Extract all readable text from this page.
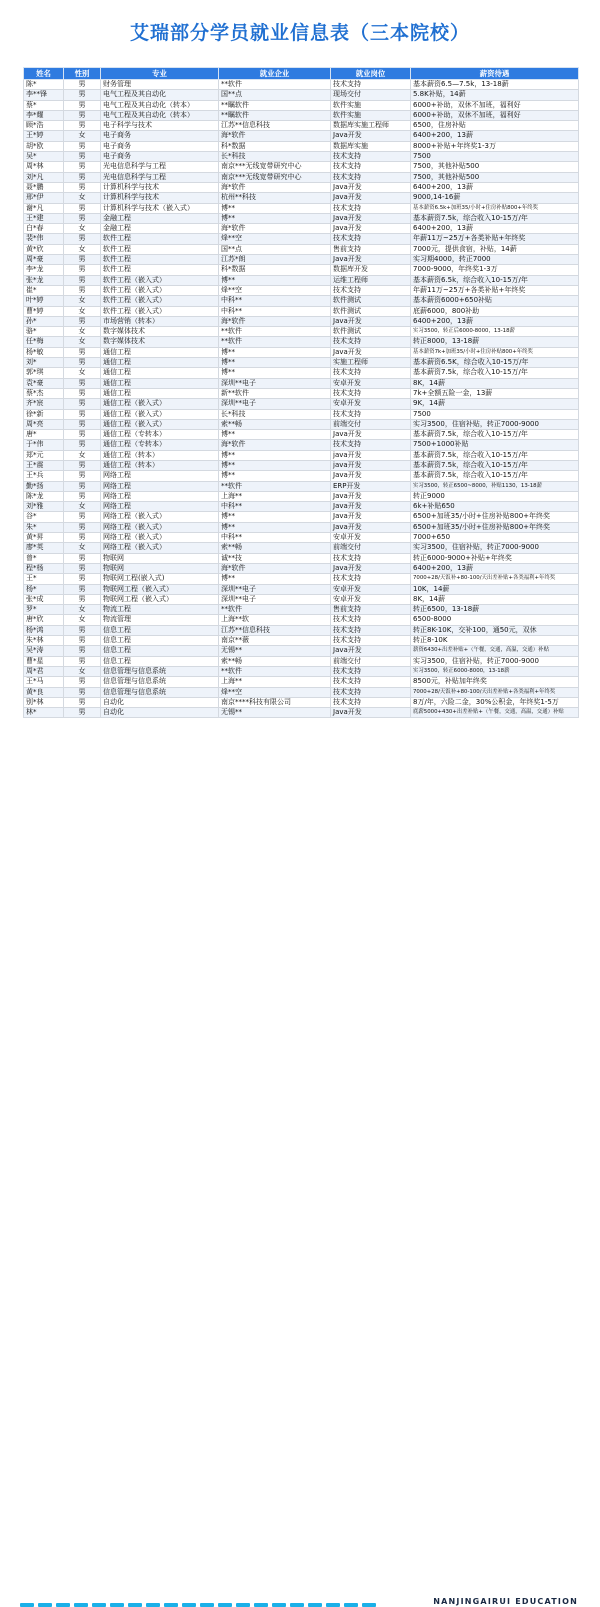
艾瑞部分学员就业信息表（三本院校）
姓名	性别	专业	就业企业	就业岗位	薪资待遇
陈*	男	财务管理	**软件	技术支持	基本薪资6.5—7.5k，13-18薪
李**锋	男	电气工程及其自动化	国**点	现场交付	5.8K补贴，14薪
蔡*	男	电气工程及其自动化（转本）	**瞩软件	软件实施	6000+补助，双休不加班，福利好
李*耀	男	电气工程及其自动化（转本）	**瞩软件	软件实施	6000+补助，双休不加班，福利好
顾*浩	男	电子科学与技术	江苏**信息科技	数据库实施工程师	6500，住房补贴
王*婷	女	电子商务	海*软件	Java开发	6400+200，13薪
胡*欧	男	电子商务	科*数据	数据库实施	8000+补贴+年终奖1-3万
吴*	男	电子商务	长*科技	技术支持	7500
周*林	男	光电信息科学与工程	南京***无线宽带研究中心	技术支持	7500，其他补贴500
刘*凡	男	光电信息科学与工程	南京***无线宽带研究中心	技术支持	7500，其他补贴500
聂*鹏	男	计算机科学与技术	海*软件	Java开发	6400+200，13薪
邢*伊	女	计算机科学与技术	杭州**科技	Java开发	9000,14-16薪
谢*凡	男	计算机科学与技术（嵌入式）	博**	技术支持	基本薪资6.5k+加班35/小时+住房补贴800+年终奖
王*建	男	金融工程	博**	Java开发	基本薪资7.5k，综合收入10-15万/年
白*春	女	金融工程	海*软件	Java开发	6400+200，13薪
裴*伟	男	软件工程	烽**空	技术支持	年薪11万~25万+各类补贴+年终奖
黄*欣	女	软件工程	国**点	售前支持	7000元，提供食宿，补贴，14薪
周*豪	男	软件工程	江苏*朗	Java开发	实习期4000，转正7000
李*龙	男	软件工程	科*数据	数据库开发	7000-9000，年终奖1-3万
张*龙	男	软件工程（嵌入式）	博**	运维工程师	基本薪资6.5k，综合收入10-15万/年
崔*	男	软件工程（嵌入式）	烽**空	技术支持	年薪11万~25万+各类补贴+年终奖
叶*婷	女	软件工程（嵌入式）	中科**	软件测试	基本薪资6000+650补贴
曹*婷	女	软件工程（嵌入式）	中科**	软件测试	底薪6000，800补助
孙*	男	市场营销（转本）	海*软件	Java开发	6400+200，13薪
骆*	女	数字媒体技术	**软件	软件测试	实习3500，转正后6000-8000，13-18薪
任*梅	女	数字媒体技术	**软件	技术支持	转正8000，13-18薪
杨*敏	男	通信工程	博**	Java开发	基本薪资7k+加班35/小时+住房补贴800+年终奖
刘*	男	通信工程	博**	实施工程师	基本薪资6.5K，综合收入10-15万/年
郭*琪	女	通信工程	博**	技术支持	基本薪资7.5k，综合收入10-15万/年
袁*豪	男	通信工程	深圳**电子	安卓开发	8K，14薪
蔡*杰	男	通信工程	新**软件	技术支持	7k+全额五险一金，13薪
齐*宸	男	通信工程（嵌入式）	深圳**电子	安卓开发	9K，14薪
徐*新	男	通信工程（嵌入式）	长*科技	技术支持	7500
周*亮	男	通信工程（嵌入式）	索**畅	前端交付	实习3500，住宿补贴，转正7000-9000
唐*	男	通信工程（专转本）	博**	Java开发	基本薪资7.5k，综合收入10-15万/年
于*伟	男	通信工程（专转本）	海*软件	技术支持	7500+1000补贴
郑*元	女	通信工程（转本）	博**	java开发	基本薪资7.5k，综合收入10-15万/年
王*震	男	通信工程（转本）	博**	java开发	基本薪资7.5k，综合收入10-15万/年
王*兵	男	网络工程	博**	Java开发	基本薪资7.5k，综合收入10-15万/年
勤*扬	男	网络工程	**软件	ERP开发	实习3500，转正6500~8000，补贴1130，13-18薪
陈*龙	男	网络工程	上海**	Java开发	转正9000
刘*雅	女	网络工程	中科**	Java开发	6k+补贴650
谷*	男	网络工程（嵌入式）	博**	Java开发	6500+加班35/小时+住房补贴800+年终奖
朱*	男	网络工程（嵌入式）	博**	Java开发	6500+加班35/小时+住房补贴800+年终奖
黄*昇	男	网络工程（嵌入式）	中科**	安卓开发	7000+650
廖*英	女	网络工程（嵌入式）	索**畅	前端交付	实习3500，住宿补贴，转正7000-9000
曾*	男	物联网	诚**技	技术支持	转正6000-9000+补贴+年终奖
程*杨	男	物联网	海*软件	Java开发	6400+200，13薪
王*	男	物联网工程(嵌入式)	博**	技术支持	7000+28/天饭补+80-100/天出差补贴+各类福利+年终奖
杨*	男	物联网工程（嵌入式）	深圳**电子	安卓开发	10K，14薪
张*成	男	物联网工程（嵌入式）	深圳**电子	安卓开发	8K，14薪
罗*	女	物流工程	**软件	售前支持	转正6500，13-18薪
唐*欣	女	物流管理	上海**软	技术支持	6500-8000
杨*鸿	男	信息工程	江苏**信息科技	技术支持	转正8K-10K，交补100，通50元，双休
朱*林	男	信息工程	南京**薇	技术支持	转正8-10K
吴*涛	男	信息工程	无锡**	Java开发	薪资6430+出差补贴+（午餐，交通，高温，交通）补贴
曹*星	男	信息工程	索**畅	前端交付	实习3500，住宿补贴，转正7000-9000
周*君	女	信息管理与信息系统	**软件	技术支持	实习3500，转正6000-8000，13-18薪
王*马	男	信息管理与信息系统	上海**	技术支持	8500元，补贴加年终奖
黄*良	男	信息管理与信息系统	烽**空	技术支持	7000+28/天饭补+80-100/天出差补贴+各类福利+年终奖
别*林	男	自动化	南京****科技有限公司	技术支持	8万/年，六险二金，30%公积金，年终奖1-5万
林*	男	自动化	无锡**	Java开发	底薪5000+430+出差补贴+（午餐，交通，高温，交通）补贴
NANJINGAIRUI EDUCATION
